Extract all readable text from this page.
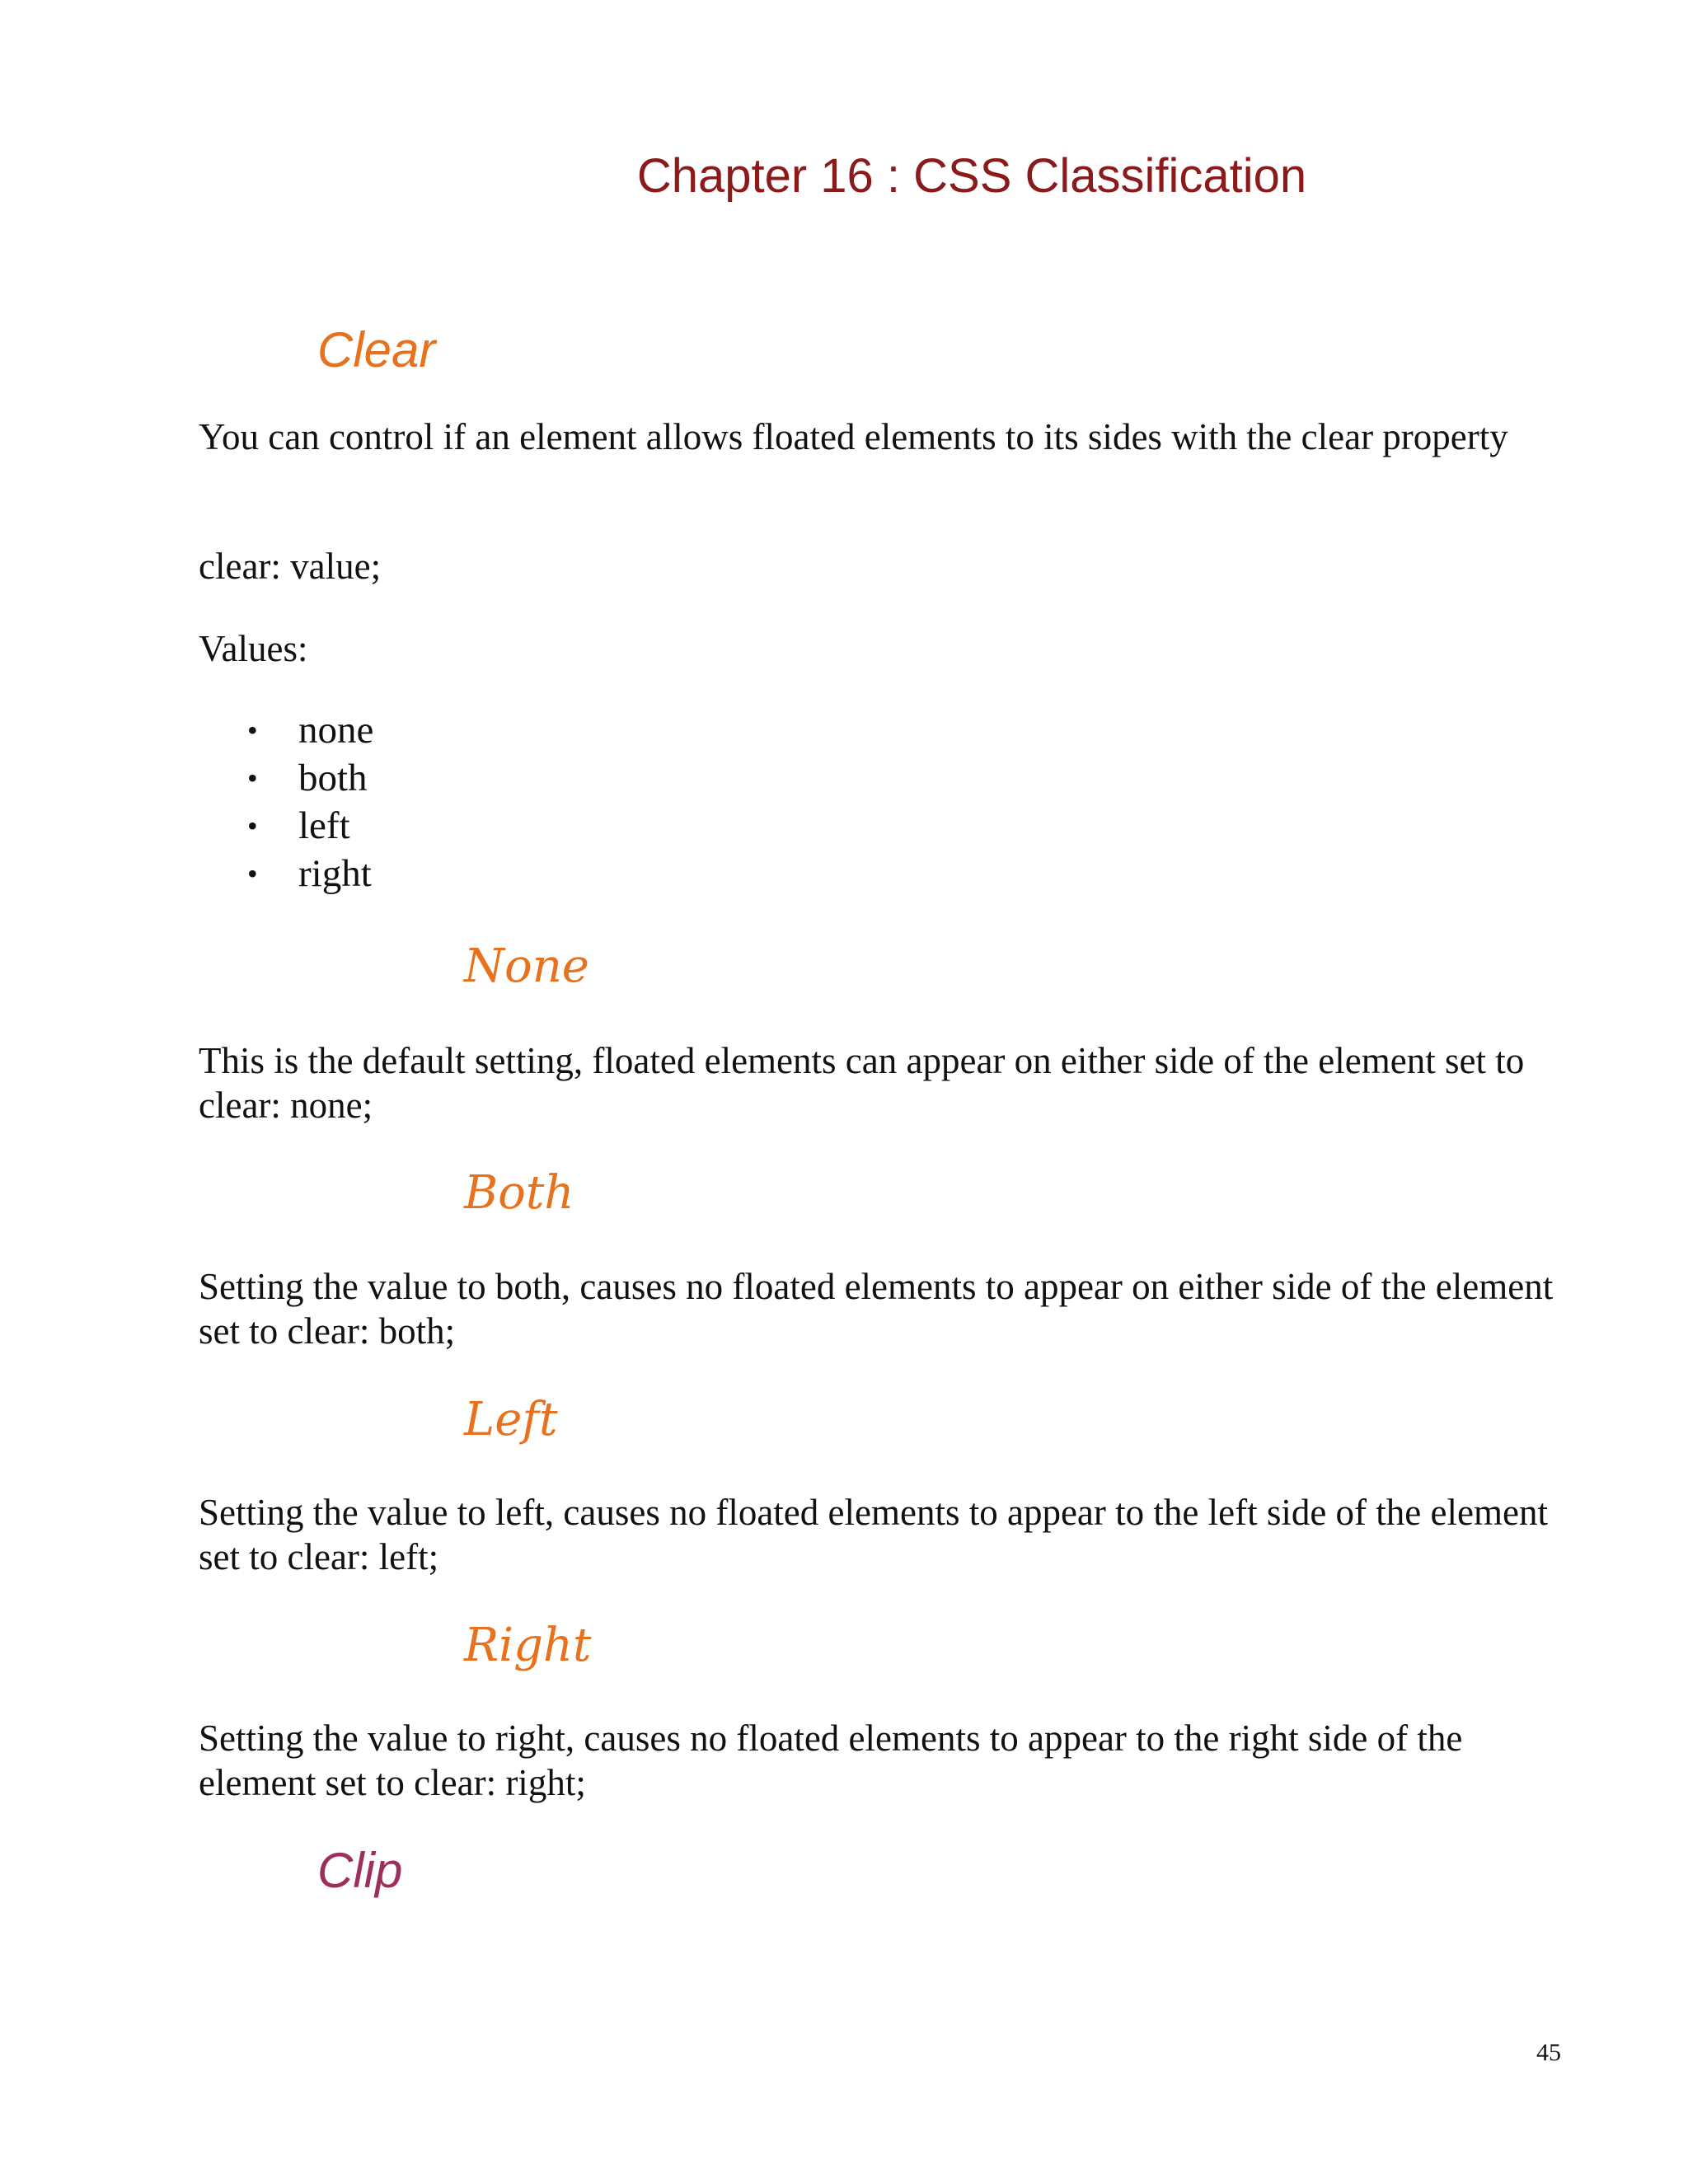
Chapter 16 : CSS Classification
Clear

You can control if an element allows floated elements to its sides with the clear property

clear: value;

Values:

• none
• both
• left
• right
None

This is the default setting, floated elements can appear on either side of the element set to clear: none;

Both

Setting the value to both, causes no floated elements to appear on either side of the element set to clear: both;

Left

Setting the value to left, causes no floated elements to appear to the left side of the element set to clear: left;

Right

Setting the value to right, causes no floated elements to appear to the right side of the element set to clear: right;

Clip
45
